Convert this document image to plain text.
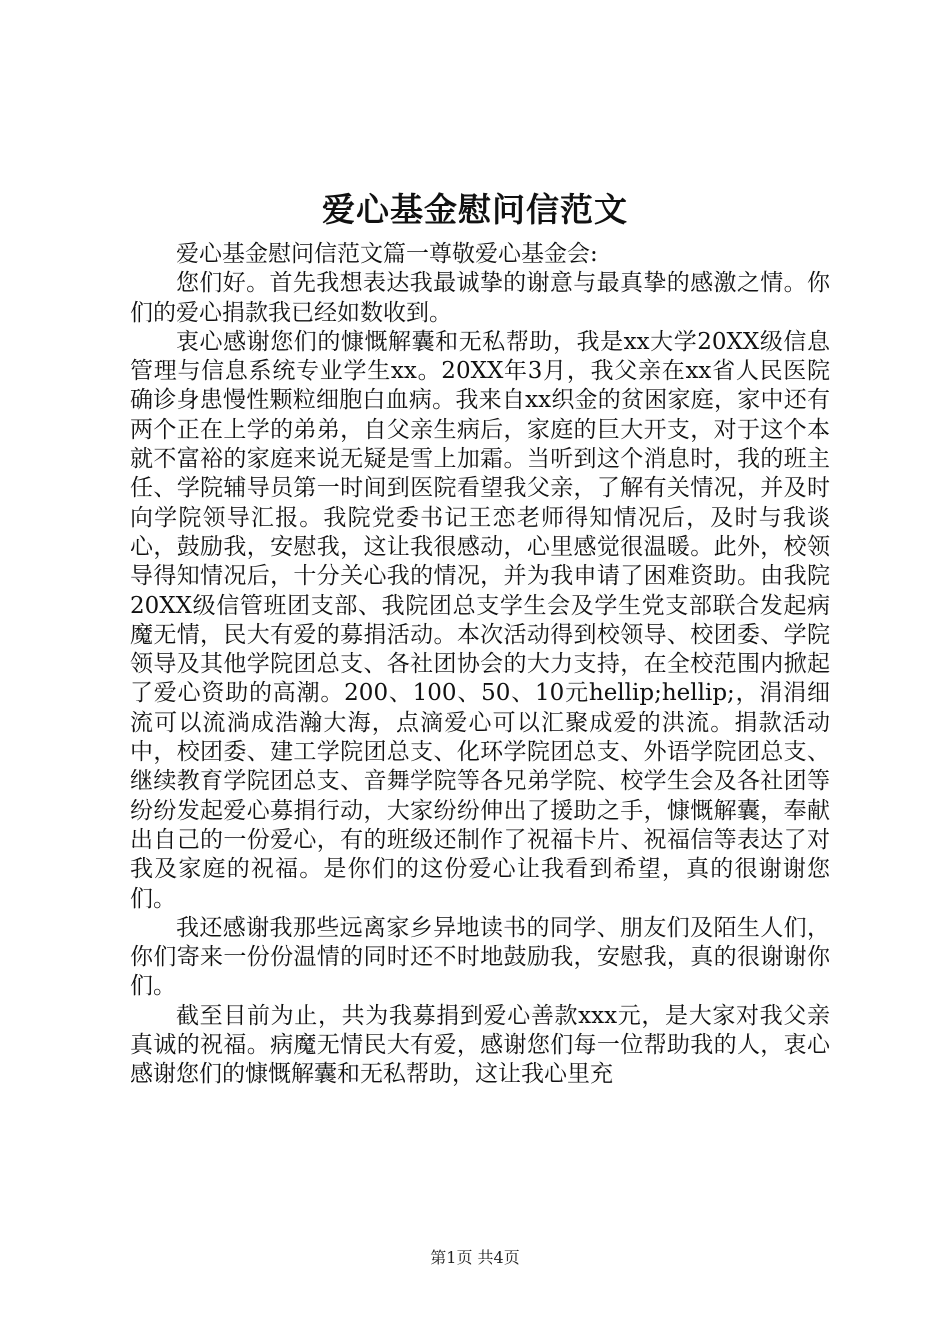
爱心基金慰问信范文

爱心基金慰问信范文篇一尊敬爱心基金会:

您们好。首先我想表达我最诚挚的谢意与最真挚的感激之情。你们的爱心捐款我已经如数收到。

衷心感谢您们的慷慨解囊和无私帮助，我是xx大学20XX级信息管理与信息系统专业学生xx。20XX年3月，我父亲在xx省人民医院确诊身患慢性颗粒细胞白血病。我来自xx织金的贫困家庭，家中还有两个正在上学的弟弟，自父亲生病后，家庭的巨大开支，对于这个本就不富裕的家庭来说无疑是雪上加霜。当听到这个消息时，我的班主任、学院辅导员第一时间到医院看望我父亲，了解有关情况，并及时向学院领导汇报。我院党委书记王恋老师得知情况后，及时与我谈心，鼓励我，安慰我，这让我很感动，心里感觉很温暖。此外，校领导得知情况后，十分关心我的情况，并为我申请了困难资助。由我院20XX级信管班团支部、我院团总支学生会及学生党支部联合发起病魔无情，民大有爱的募捐活动。本次活动得到校领导、校团委、学院领导及其他学院团总支、各社团协会的大力支持，在全校范围内掀起了爱心资助的高潮。200、100、50、10元hellip;hellip;，涓涓细流可以流淌成浩瀚大海，点滴爱心可以汇聚成爱的洪流。捐款活动中，校团委、建工学院团总支、化环学院团总支、外语学院团总支、继续教育学院团总支、音舞学院等各兄弟学院、校学生会及各社团等纷纷发起爱心募捐行动，大家纷纷伸出了援助之手，慷慨解囊，奉献出自己的一份爱心，有的班级还制作了祝福卡片、祝福信等表达了对我及家庭的祝福。是你们的这份爱心让我看到希望，真的很谢谢您们。

我还感谢我那些远离家乡异地读书的同学、朋友们及陌生人们，你们寄来一份份温情的同时还不时地鼓励我，安慰我，真的很谢谢你们。

截至目前为止，共为我募捐到爱心善款xxx元，是大家对我父亲真诚的祝福。病魔无情民大有爱，感谢您们每一位帮助我的人，衷心感谢您们的慷慨解囊和无私帮助，这让我心里充

第1页 共4页
